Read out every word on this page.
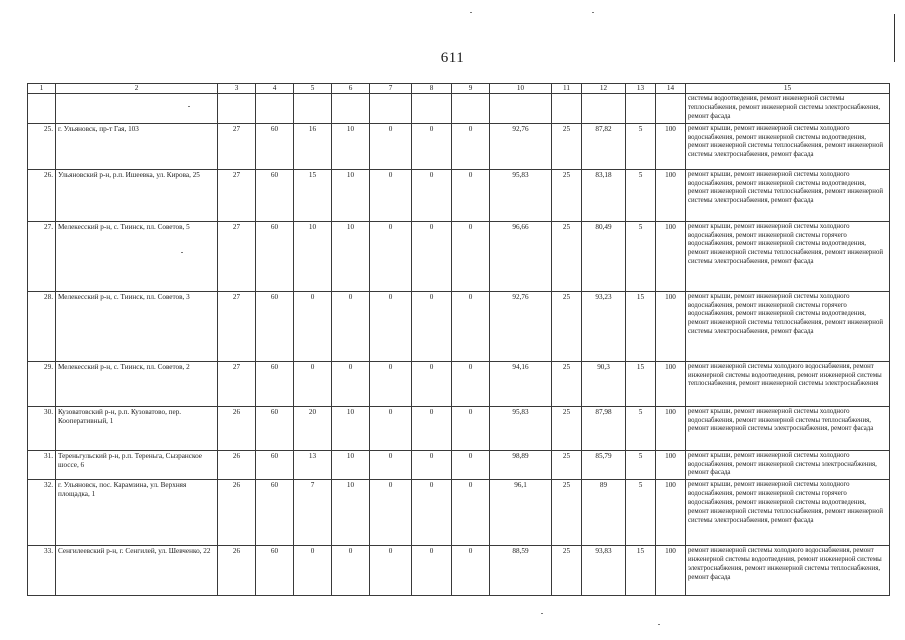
611
1	2	3	4	5	6	7	8	9	10	11	12	13	14	15
														системы водоотведения, ремонт инженерной системы теплоснабжения, ремонт инженерной системы электроснабжения, ремонт фасада
25.	г. Ульяновск, пр-т Гая, 103	27	60	16	10	0	0	0	92,76	25	87,82	5	100	ремонт крыши, ремонт инженерной системы холодного водоснабжения, ремонт инженерной системы водоотведения, ремонт инженерной системы теплоснабжения, ремонт инженерной системы электроснабжения, ремонт фасада
26.	Ульяновский р-н, р.п. Ишеевка, ул. Кирова, 25	27	60	15	10	0	0	0	95,83	25	83,18	5	100	ремонт крыши, ремонт инженерной системы холодного водоснабжения, ремонт инженерной системы водоотведения, ремонт инженерной системы теплоснабжения, ремонт инженерной системы электроснабжения, ремонт фасада
27.	Мелекесский р-н, с. Тиинск, пл. Советов, 5	27	60	10	10	0	0	0	96,66	25	80,49	5	100	ремонт крыши, ремонт инженерной системы холодного водоснабжения, ремонт инженерной системы горячего водоснабжения, ремонт инженерной системы водоотведения, ремонт инженерной системы теплоснабжения, ремонт инженерной системы электроснабжения, ремонт фасада
28.	Мелекесский р-н, с. Тиинск, пл. Советов, 3	27	60	0	0	0	0	0	92,76	25	93,23	15	100	ремонт крыши, ремонт инженерной системы холодного водоснабжения, ремонт инженерной системы горячего водоснабжения, ремонт инженерной системы водоотведения, ремонт инженерной системы теплоснабжения, ремонт инженерной системы электроснабжения, ремонт фасада
29.	Мелекесский р-н, с. Тиинск, пл. Советов, 2	27	60	0	0	0	0	0	94,16	25	90,3	15	100	ремонт инженерной системы холодного водоснабжения, ремонт инженерной системы водоотведения, ремонт инженерной системы теплоснабжения, ремонт инженерной системы электроснабжения
30.	Кузоватовский р-н, р.п. Кузоватово, пер. Кооперативный, 1	26	60	20	10	0	0	0	95,83	25	87,98	5	100	ремонт крыши, ремонт инженерной системы холодного водоснабжения, ремонт инженерной системы теплоснабжения, ремонт инженерной системы электроснабжения, ремонт фасада
31.	Тереньгульский р-н, р.п. Тереньга, Сызранское шоссе, 6	26	60	13	10	0	0	0	98,89	25	85,79	5	100	ремонт крыши, ремонт инженерной системы холодного водоснабжения, ремонт инженерной системы электроснабжения, ремонт фасада
32.	г. Ульяновск, пос. Карамзина, ул. Верхняя площадка, 1	26	60	7	10	0	0	0	96,1	25	89	5	100	ремонт крыши, ремонт инженерной системы холодного водоснабжения, ремонт инженерной системы горячего водоснабжения, ремонт инженерной системы водоотведения, ремонт инженерной системы теплоснабжения, ремонт инженерной системы электроснабжения, ремонт фасада
33.	Сенгилеевский р-н, г. Сенгилей, ул. Шевченко, 22	26	60	0	0	0	0	0	88,59	25	93,83	15	100	ремонт инженерной системы холодного водоснабжения, ремонт инженерной системы водоотведения, ремонт инженерной системы электроснабжения, ремонт инженерной системы теплоснабжения, ремонт фасада
